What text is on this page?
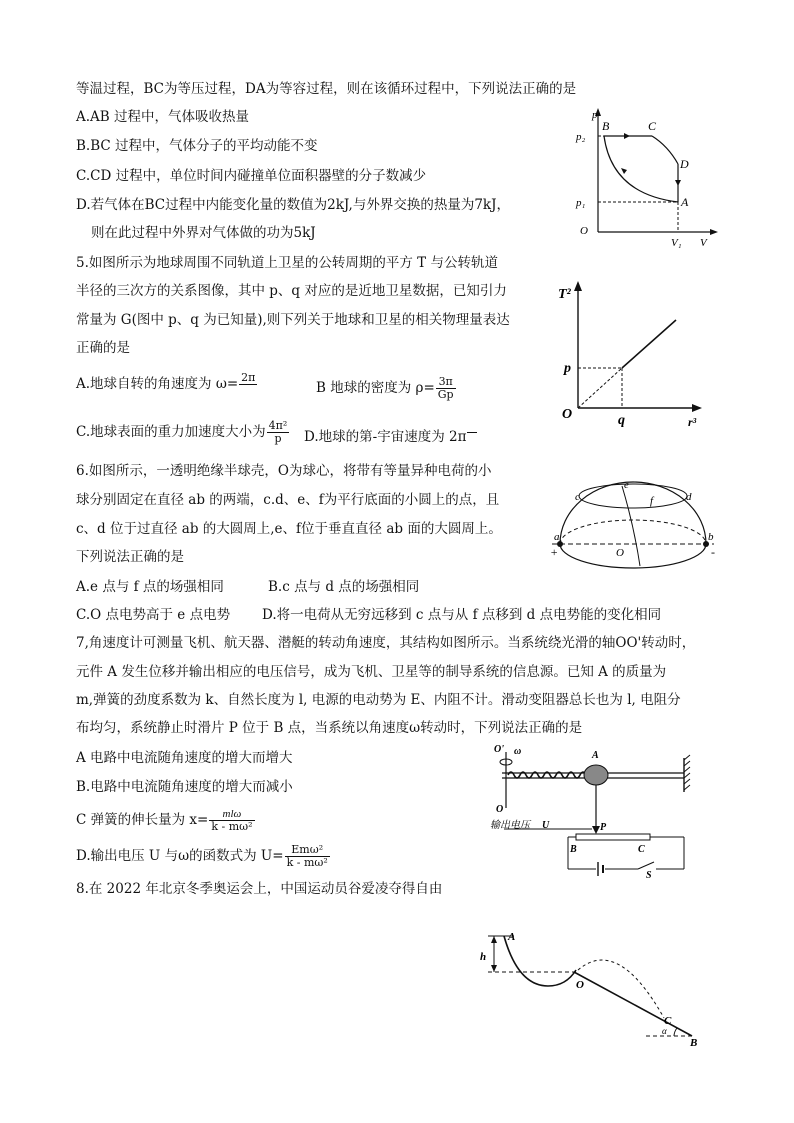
等温过程，BC为等压过程，DA为等容过程，则在该循环过程中，下列说法正确的是
A.AB 过程中，气体吸收热量
B.BC 过程中，气体分子的平均动能不变
C.CD 过程中，单位时间内碰撞单位面积器壁的分子数减少
D.若气体在BC过程中内能变化量的数值为2kJ,与外界交换的热量为7kJ，
则在此过程中外界对气体做的功为5kJ
p
p₂
p₁
O
V₁ V
B	C
D
A
5.如图所示为地球周围不同轨道上卫星的公转周期的平方 T 与公转轨道
半径的三次方的关系图像，其中 p、q 对应的是近地卫星数据，已知引力
常量为 G(图中 p、q 为已知量),则下列关于地球和卫星的相关物理量表达
正确的是
A.地球自转的角速度为 ω= 2π

B 地球的密度为 $\rho= \frac{3\pi}{Gp}$
C.地球表面的重力加速度大小为 $\frac{\text{4π²}}{p} D$.地球的第-宇宙速度为 2π
T²
r³
O
p
q
6.如图所示，一透明绝缘半球壳，O为球心，将带有等量异种电荷的小
球分别固定在直径 ab 的两端，c.d、e、f为平行底面的小圆上的点，且
c、d 位于过直径 ab 的大圆周上,e、f位于垂直直径 ab 面的大圆周上。
下列说法正确的是
A.e 点与 f 点的场强相同	B.c 点与 d 点的场强相同
C.O 点电势高于 e 点电势 D.将一电荷从无穷远移到 c 点与从 f 点移到 d 点电势能的变化相同
c	d
e
f
a	b
+	-
O
7,角速度计可测量飞机、航天器、潜艇的转动角速度，其结构如图所示。当系统绕光滑的轴OO'转动时，
元件 A 发生位移并输出相应的电压信号，成为飞机、卫星等的制导系统的信息源。已知 A 的质量为
m,弹簧的劲度系数为 k、自然长度为 l, 电源的电动势为 E、内阻不计。滑动变阻器总长也为 l, 电阻分
布均匀，系统静止时滑片 P 位于 B 点，当系统以角速度ω转动时，下列说法正确的是
A 电路中电流随角速度的增大而增大
B.电路中电流随角速度的增大而减小
C 弹簧的伸长量为 $x= \frac{\text{mlω}}{\text{k - mω²}}$
D.输出电压 U 与ω的函数式为 $U= \frac{\text{Emω²}}{\text{k - mω²}}$
O' ω	A
O
输出电压 U	P
B	C
S
8.在 2022 年北京冬季奥运会上，中国运动员谷爱凌夺得自由
A
h
O
C
α
B
